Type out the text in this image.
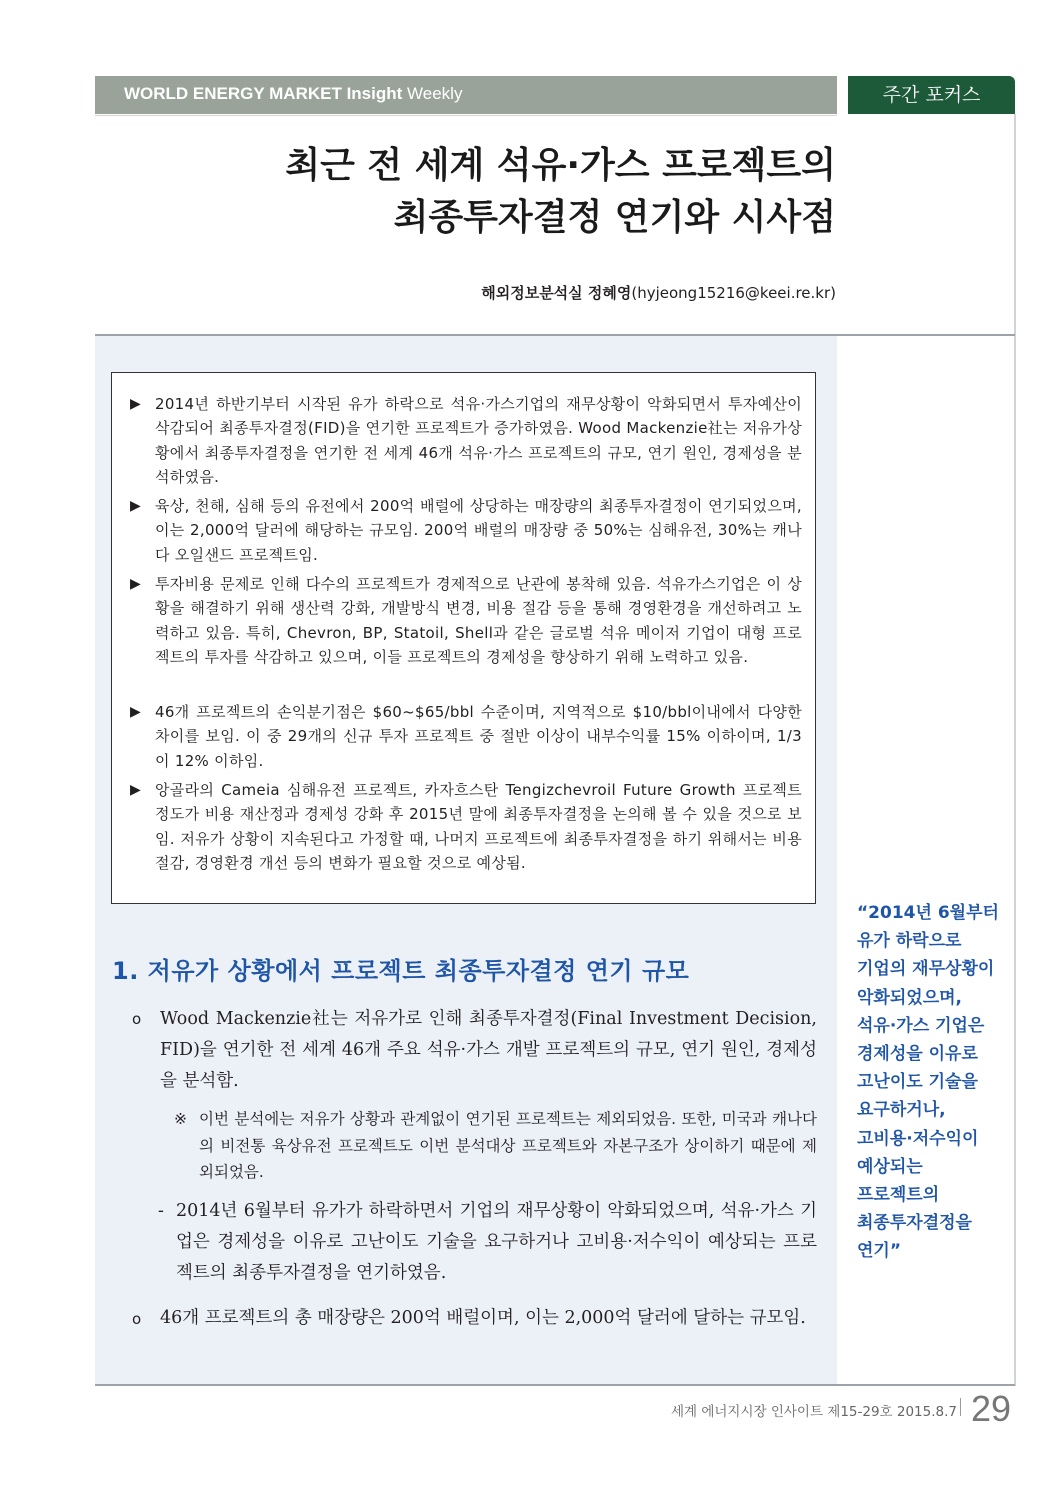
WORLD ENERGY MARKET Insight Weekly	주간 포커스
최근 전 세계 석유·가스 프로젝트의
최종투자결정 연기와 시사점
해외정보분석실 정혜영(hyjeong15216@keei.re.kr)
▶ 2014년 하반기부터 시작된 유가 하락으로 석유·가스기업의 재무상황이 악화되면서 투자예산이 삭감되어 최종투자결정(FID)을 연기한 프로젝트가 증가하였음. Wood Mackenzie社는 저유가상황에서 최종투자결정을 연기한 전 세계 46개 석유·가스 프로젝트의 규모, 연기 원인, 경제성을 분석하였음.
▶ 육상, 천해, 심해 등의 유전에서 200억 배럴에 상당하는 매장량의 최종투자결정이 연기되었으며, 이는 2,000억 달러에 해당하는 규모임. 200억 배럴의 매장량 중 50%는 심해유전, 30%는 캐나다 오일샌드 프로젝트임.
▶ 투자비용 문제로 인해 다수의 프로젝트가 경제적으로 난관에 봉착해 있음. 석유가스기업은 이 상황을 해결하기 위해 생산력 강화, 개발방식 변경, 비용 절감 등을 통해 경영환경을 개선하려고 노력하고 있음. 특히, Chevron, BP, Statoil, Shell과 같은 글로벌 석유 메이저 기업이 대형 프로젝트의 투자를 삭감하고 있으며, 이들 프로젝트의 경제성을 향상하기 위해 노력하고 있음.
▶ 46개 프로젝트의 손익분기점은 $60~$65/bbl 수준이며, 지역적으로 $10/bbl이내에서 다양한 차이를 보임. 이 중 29개의 신규 투자 프로젝트 중 절반 이상이 내부수익률 15% 이하이며, 1/3이 12% 이하임.
▶ 앙골라의 Cameia 심해유전 프로젝트, 카자흐스탄 Tengizchevroil Future Growth 프로젝트 정도가 비용 재산정과 경제성 강화 후 2015년 말에 최종투자결정을 논의해 볼 수 있을 것으로 보임. 저유가 상황이 지속된다고 가정할 때, 나머지 프로젝트에 최종투자결정을 하기 위해서는 비용절감, 경영환경 개선 등의 변화가 필요할 것으로 예상됨.
1. 저유가 상황에서 프로젝트 최종투자결정 연기 규모
o Wood Mackenzie社는 저유가로 인해 최종투자결정(Final Investment Decision, FID)을 연기한 전 세계 46개 주요 석유·가스 개발 프로젝트의 규모, 연기 원인, 경제성을 분석함.
※ 이번 분석에는 저유가 상황과 관계없이 연기된 프로젝트는 제외되었음. 또한, 미국과 캐나다의 비전통 육상유전 프로젝트도 이번 분석대상 프로젝트와 자본구조가 상이하기 때문에 제외되었음.
- 2014년 6월부터 유가가 하락하면서 기업의 재무상황이 악화되었으며, 석유·가스 기업은 경제성을 이유로 고난이도 기술을 요구하거나 고비용·저수익이 예상되는 프로젝트의 최종투자결정을 연기하였음.
o 46개 프로젝트의 총 매장량은 200억 배럴이며, 이는 2,000억 달러에 달하는 규모임.
“2014년 6월부터
유가 하락으로
기업의 재무상황이
악화되었으며,
석유·가스 기업은
경제성을 이유로
고난이도 기술을
요구하거나,
고비용·저수익이
예상되는
프로젝트의
최종투자결정을
연기”
세계 에너지시장 인사이트 제15-29호 2015.8.7 29
